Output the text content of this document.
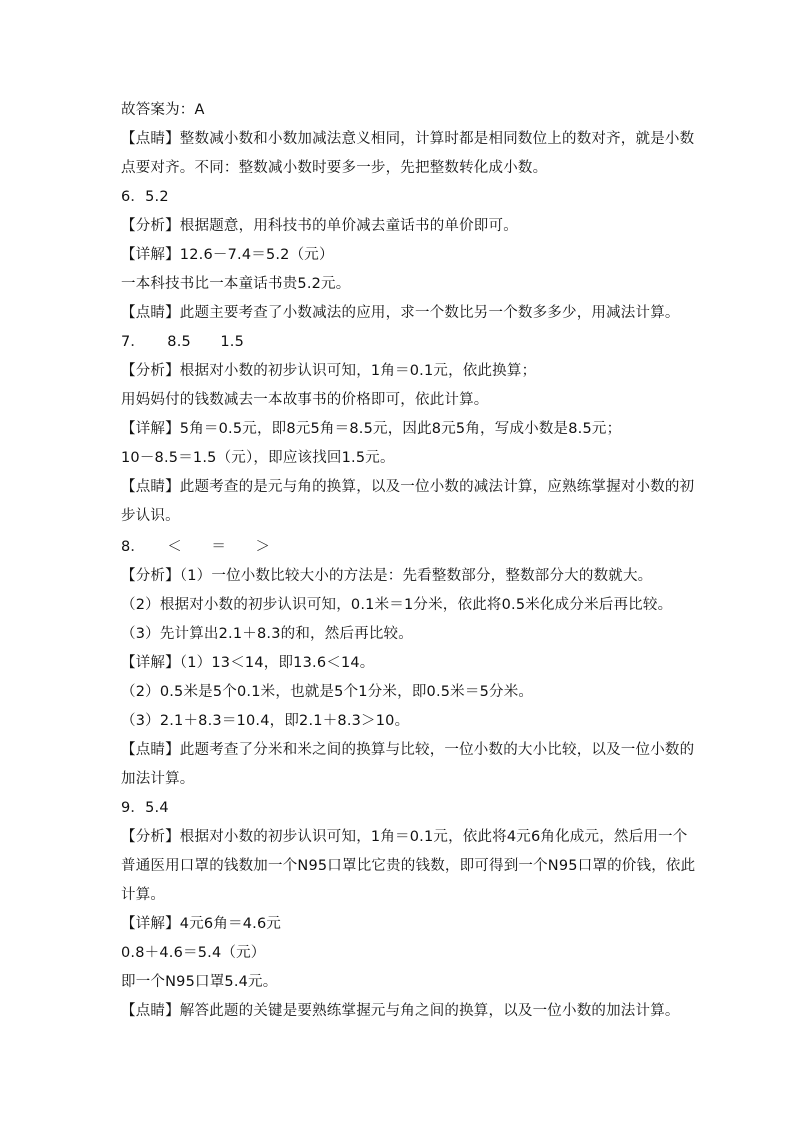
故答案为：A
【点睛】整数减小数和小数加减法意义相同，计算时都是相同数位上的数对齐，就是小数
点要对齐。不同：整数减小数时要多一步，先把整数转化成小数。
6．5.2
【分析】根据题意，用科技书的单价减去童话书的单价即可。
【详解】12.6－7.4＝5.2（元）
一本科技书比一本童话书贵5.2元。
【点睛】此题主要考查了小数减法的应用，求一个数比另一个数多多少，用减法计算。
7．　　8.5　　1.5
【分析】根据对小数的初步认识可知，1角＝0.1元，依此换算；
用妈妈付的钱数减去一本故事书的价格即可，依此计算。
【详解】5角＝0.5元，即8元5角＝8.5元，因此8元5角，写成小数是8.5元；
10－8.5＝1.5（元），即应该找回1.5元。
【点睛】此题考查的是元与角的换算，以及一位小数的减法计算，应熟练掌握对小数的初
步认识。
8．　　＜　　＝　　＞
【分析】（1）一位小数比较大小的方法是：先看整数部分，整数部分大的数就大。
（2）根据对小数的初步认识可知，0.1米＝1分米，依此将0.5米化成分米后再比较。
（3）先计算出2.1＋8.3的和，然后再比较。
【详解】（1）13＜14，即13.6＜14。
（2）0.5米是5个0.1米，也就是5个1分米，即0.5米＝5分米。
（3）2.1＋8.3＝10.4，即2.1＋8.3＞10。
【点睛】此题考查了分米和米之间的换算与比较，一位小数的大小比较，以及一位小数的
加法计算。
9．5.4
【分析】根据对小数的初步认识可知，1角＝0.1元，依此将4元6角化成元，然后用一个
普通医用口罩的钱数加一个N95口罩比它贵的钱数，即可得到一个N95口罩的价钱，依此
计算。
【详解】4元6角＝4.6元
0.8＋4.6＝5.4（元）
即一个N95口罩5.4元。
【点睛】解答此题的关键是要熟练掌握元与角之间的换算，以及一位小数的加法计算。
